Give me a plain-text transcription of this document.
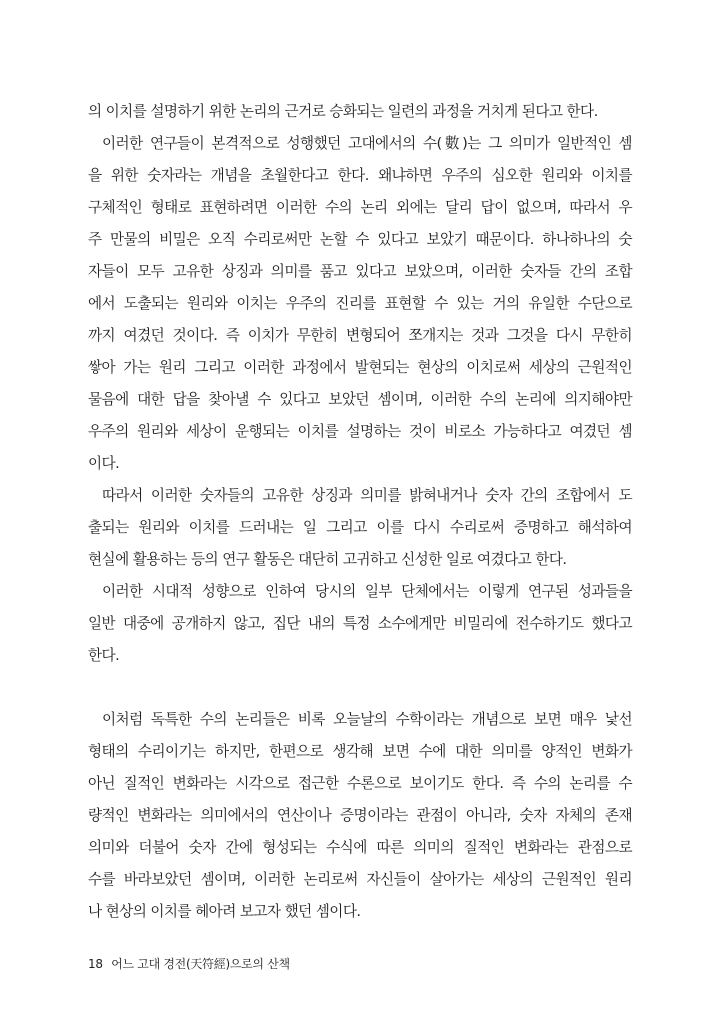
의 이치를 설명하기 위한 논리의 근거로 승화되는 일련의 과정을 거치게 된다고 한다.
이러한 연구들이 본격적으로 성행했던 고대에서의 수(數)는 그 의미가 일반적인 셈
을 위한 숫자라는 개념을 초월한다고 한다. 왜냐하면 우주의 심오한 원리와 이치를
구체적인 형태로 표현하려면 이러한 수의 논리 외에는 달리 답이 없으며, 따라서 우
주 만물의 비밀은 오직 수리로써만 논할 수 있다고 보았기 때문이다. 하나하나의 숫
자들이 모두 고유한 상징과 의미를 품고 있다고 보았으며, 이러한 숫자들 간의 조합
에서 도출되는 원리와 이치는 우주의 진리를 표현할 수 있는 거의 유일한 수단으로
까지 여겼던 것이다. 즉 이치가 무한히 변형되어 쪼개지는 것과 그것을 다시 무한히
쌓아 가는 원리 그리고 이러한 과정에서 발현되는 현상의 이치로써 세상의 근원적인
물음에 대한 답을 찾아낼 수 있다고 보았던 셈이며, 이러한 수의 논리에 의지해야만
우주의 원리와 세상이 운행되는 이치를 설명하는 것이 비로소 가능하다고 여겼던 셈
이다.
따라서 이러한 숫자들의 고유한 상징과 의미를 밝혀내거나 숫자 간의 조합에서 도
출되는 원리와 이치를 드러내는 일 그리고 이를 다시 수리로써 증명하고 해석하여
현실에 활용하는 등의 연구 활동은 대단히 고귀하고 신성한 일로 여겼다고 한다.
이러한 시대적 성향으로 인하여 당시의 일부 단체에서는 이렇게 연구된 성과들을
일반 대중에 공개하지 않고, 집단 내의 특정 소수에게만 비밀리에 전수하기도 했다고
한다.
이처럼 독특한 수의 논리들은 비록 오늘날의 수학이라는 개념으로 보면 매우 낯선
형태의 수리이기는 하지만, 한편으로 생각해 보면 수에 대한 의미를 양적인 변화가
아닌 질적인 변화라는 시각으로 접근한 수론으로 보이기도 한다. 즉 수의 논리를 수
량적인 변화라는 의미에서의 연산이나 증명이라는 관점이 아니라, 숫자 자체의 존재
의미와 더불어 숫자 간에 형성되는 수식에 따른 의미의 질적인 변화라는 관점으로
수를 바라보았던 셈이며, 이러한 논리로써 자신들이 살아가는 세상의 근원적인 원리
나 현상의 이치를 헤아려 보고자 했던 셈이다.
18 어느 고대 경전(天符經)으로의 산책
